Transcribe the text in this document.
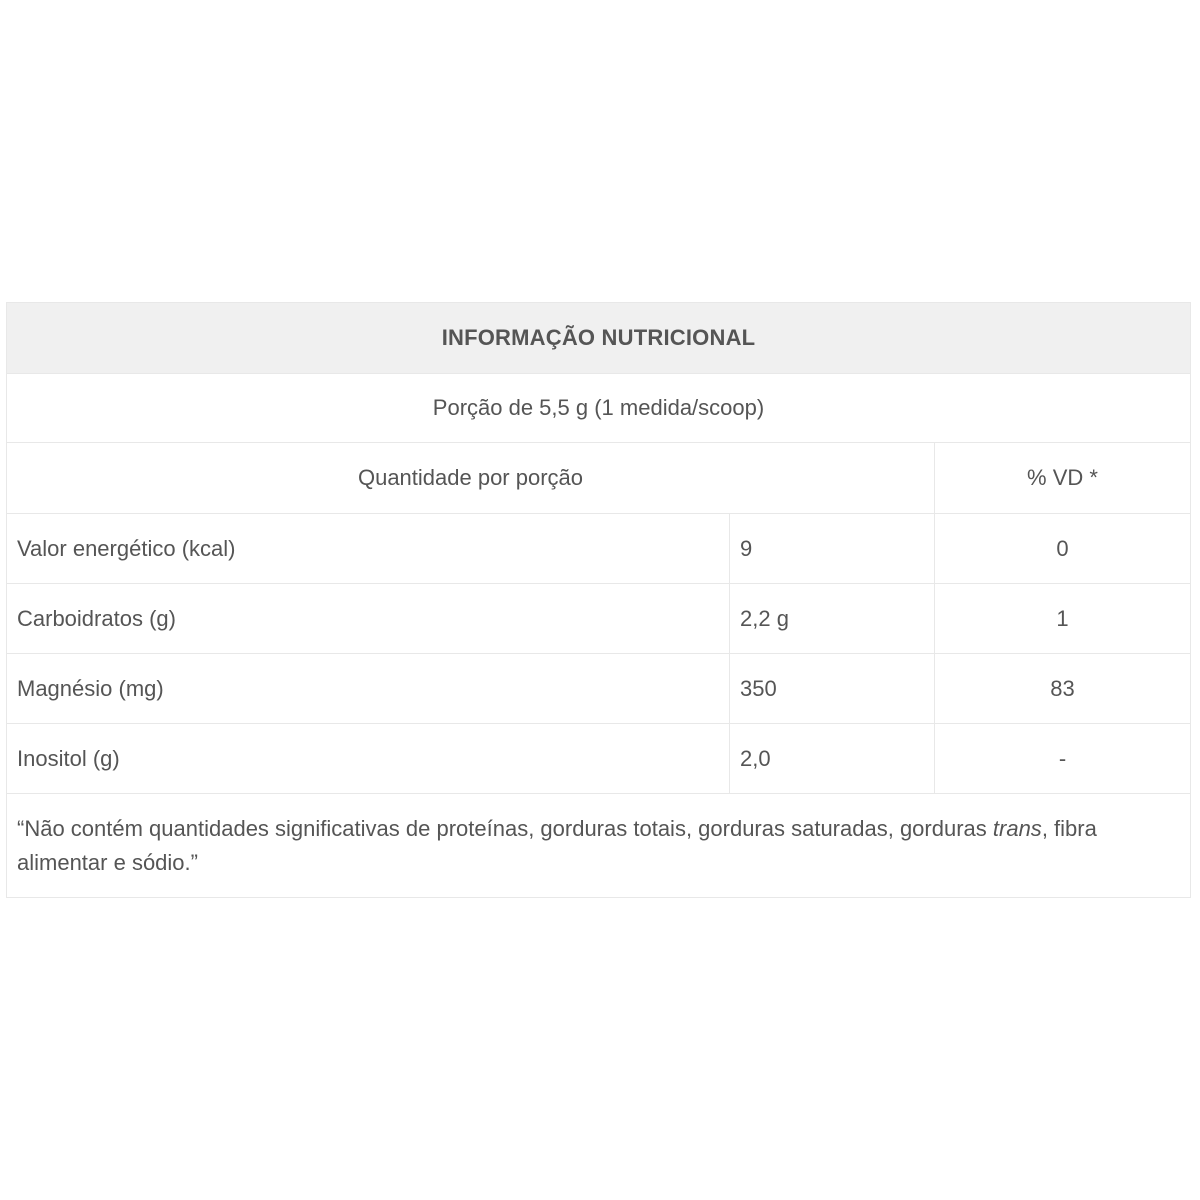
INFORMAÇÃO NUTRICIONAL		
Porção de 5,5 g (1 medida/scoop)		
Quantidade por porção		% VD *
Valor energético (kcal)	9	0
Carboidratos (g)	2,2 g	1
Magnésio (mg)	350	83
Inositol (g)	2,0	-
“Não contém quantidades significativas de proteínas, gorduras totais, gorduras saturadas, gorduras trans, fibra alimentar e sódio.”		
